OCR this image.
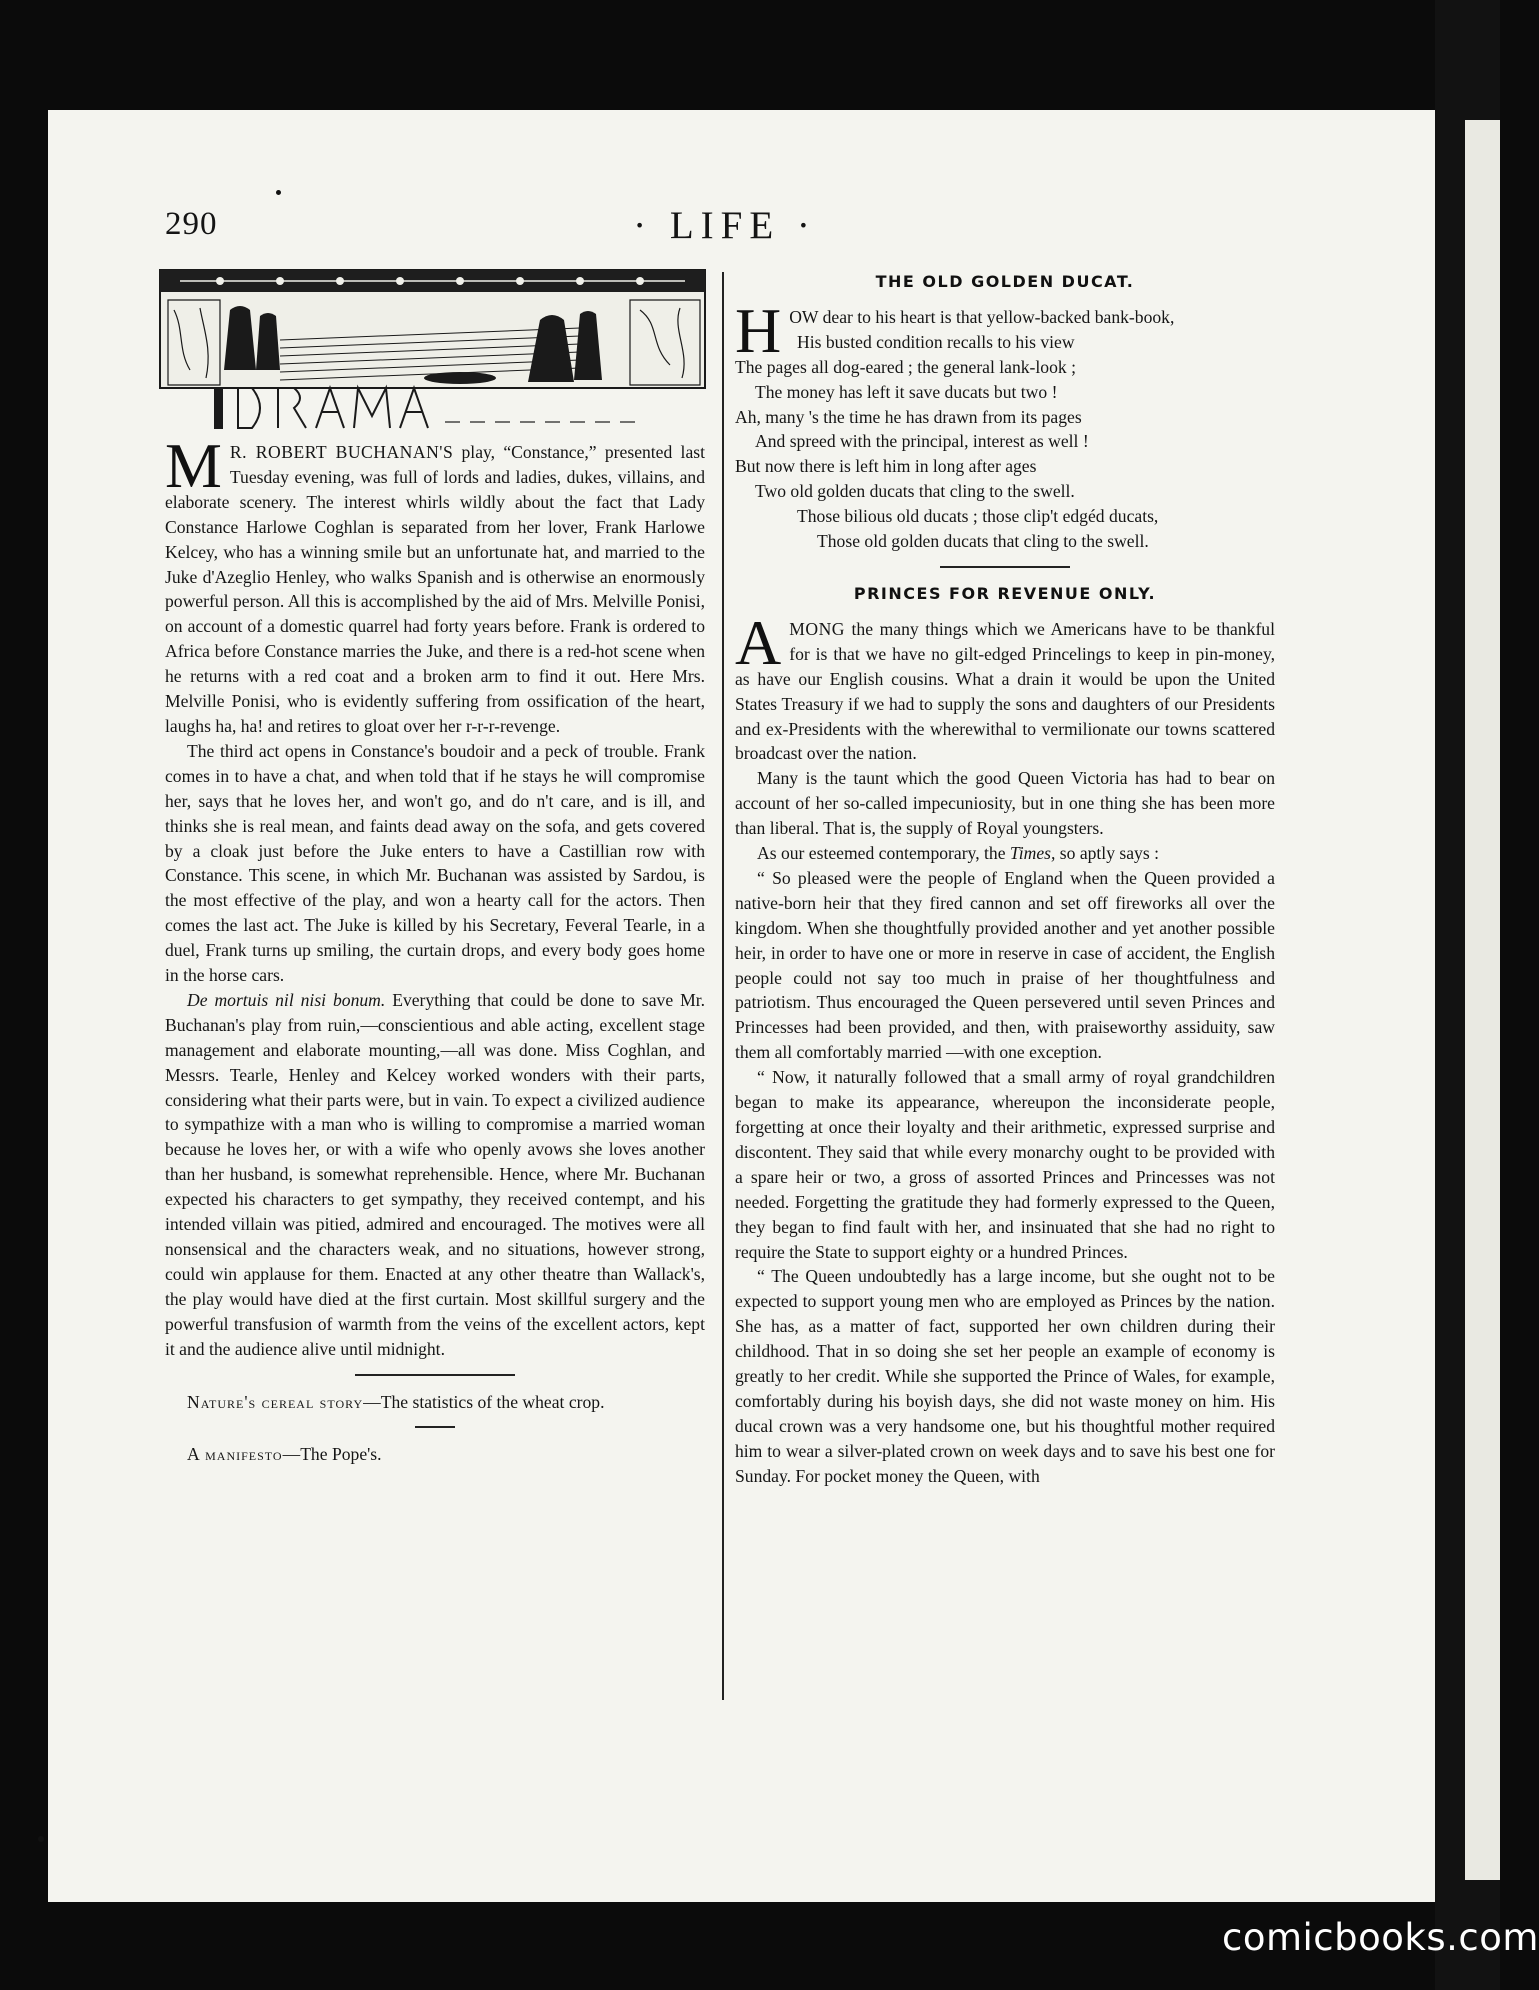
290	· LIFE ·

M R. ROBERT BUCHANAN'S play, “Constance,” presented last Tuesday evening, was full of lords and ladies, dukes, villains, and elaborate scenery. The interest whirls wildly about the fact that Lady Constance Harlowe Coghlan is separated from her lover, Frank Harlowe Kelcey, who has a winning smile but an unfortunate hat, and married to the Juke d'Azeglio Henley, who walks Spanish and is otherwise an enormously powerful person. All this is accomplished by the aid of Mrs. Melville Ponisi, on account of a domestic quarrel had forty years before. Frank is ordered to Africa before Constance marries the Juke, and there is a red-hot scene when he returns with a red coat and a broken arm to find it out. Here Mrs. Melville Ponisi, who is evidently suffering from ossification of the heart, laughs ha, ha! and retires to gloat over her r-r-r-revenge.

The third act opens in Constance's boudoir and a peck of trouble. Frank comes in to have a chat, and when told that if he stays he will compromise her, says that he loves her, and won't go, and do n't care, and is ill, and thinks she is real mean, and faints dead away on the sofa, and gets covered by a cloak just before the Juke enters to have a Castillian row with Constance. This scene, in which Mr. Buchanan was assisted by Sardou, is the most effective of the play, and won a hearty call for the actors. Then comes the last act. The Juke is killed by his Secretary, Feveral Tearle, in a duel, Frank turns up smiling, the curtain drops, and every body goes home in the horse cars.

De mortuis nil nisi bonum. Everything that could be done to save Mr. Buchanan's play from ruin,—conscientious and able acting, excellent stage management and elaborate mounting,—all was done. Miss Coghlan, and Messrs. Tearle, Henley and Kelcey worked wonders with their parts, considering what their parts were, but in vain. To expect a civilized audience to sympathize with a man who is willing to compromise a married woman because he loves her, or with a wife who openly avows she loves another than her husband, is somewhat reprehensible. Hence, where Mr. Buchanan expected his characters to get sympathy, they received contempt, and his intended villain was pitied, admired and encouraged. The motives were all nonsensical and the characters weak, and no situations, however strong, could win applause for them. Enacted at any other theatre than Wallack's, the play would have died at the first curtain. Most skillful surgery and the powerful transfusion of warmth from the veins of the excellent actors, kept it and the audience alive until midnight.

Nature's cereal story—The statistics of the wheat crop.

A manifesto—The Pope's.

THE OLD GOLDEN DUCAT.
HOW dear to his heart is that yellow-backed bank-book,
His busted condition recalls to his view
The pages all dog-eared ; the general lank-look ;
The money has left it save ducats but two !
Ah, many 's the time he has drawn from its pages
And spreed with the principal, interest as well !
But now there is left him in long after ages
Two old golden ducats that cling to the swell.
Those bilious old ducats ; those clip't edgéd ducats,
Those old golden ducats that cling to the swell.
PRINCES FOR REVENUE ONLY.

AMONG the many things which we Americans have to be thankful for is that we have no gilt-edged Princelings to keep in pin-money, as have our English cousins. What a drain it would be upon the United States Treasury if we had to supply the sons and daughters of our Presidents and ex-Presidents with the wherewithal to vermilionate our towns scattered broadcast over the nation.

Many is the taunt which the good Queen Victoria has had to bear on account of her so-called impecuniosity, but in one thing she has been more than liberal. That is, the supply of Royal youngsters.

As our esteemed contemporary, the Times, so aptly says :

“ So pleased were the people of England when the Queen provided a native-born heir that they fired cannon and set off fireworks all over the kingdom. When she thoughtfully provided another and yet another possible heir, in order to have one or more in reserve in case of accident, the English people could not say too much in praise of her thoughtfulness and patriotism. Thus encouraged the Queen persevered until seven Princes and Princesses had been provided, and then, with praiseworthy assiduity, saw them all comfortably married —with one exception.

“ Now, it naturally followed that a small army of royal grandchildren began to make its appearance, whereupon the inconsiderate people, forgetting at once their loyalty and their arithmetic, expressed surprise and discontent. They said that while every monarchy ought to be provided with a spare heir or two, a gross of assorted Princes and Princesses was not needed. Forgetting the gratitude they had formerly expressed to the Queen, they began to find fault with her, and insinuated that she had no right to require the State to support eighty or a hundred Princes.

“ The Queen undoubtedly has a large income, but she ought not to be expected to support young men who are employed as Princes by the nation. She has, as a matter of fact, supported her own children during their childhood. That in so doing she set her people an example of economy is greatly to her credit. While she supported the Prince of Wales, for example, comfortably during his boyish days, she did not waste money on him. His ducal crown was a very handsome one, but his thoughtful mother required him to wear a silver-plated crown on week days and to save his best one for Sunday. For pocket money the Queen, with

comicbooks.com
